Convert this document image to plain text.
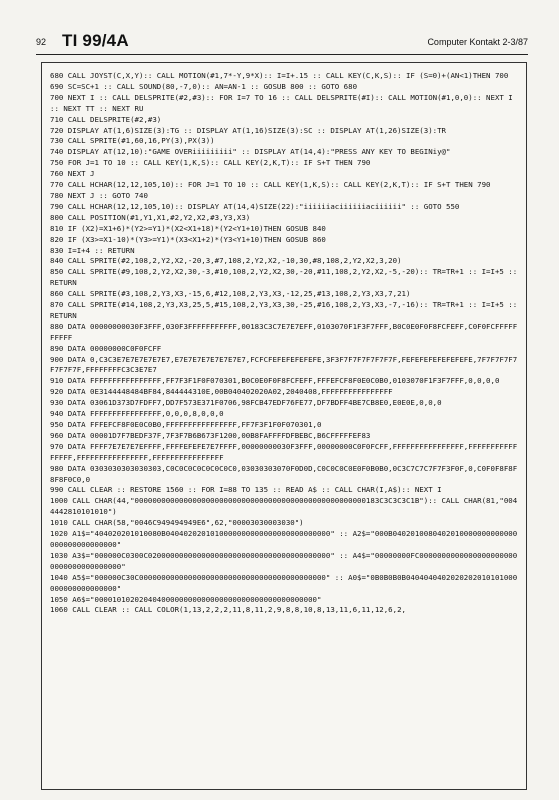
92 TI 99/4A	Computer Kontakt 2-3/87
680 CALL JOYST(C,X,Y):: CALL MOTION(#1,7*-Y,9*X):: I=I+.15 :: CALL KEY(C,K,S):: IF (S=0)+(AN<1)THEN 700
690 SC=SC+1 :: CALL SOUND(80,-7,0):: AN=AN-1 :: GOSUB 800 :: GOTO 680
700 NEXT I :: CALL DELSPRITE(#2,#3):: FOR I=7 TO 16 :: CALL DELSPRITE(#I):: CALL MOTION(#1,0,0):: NEXT I :: NEXT TT :: NEXT RU
710 CALL DELSPRITE(#2,#3)
720 DISPLAY AT(1,6)SIZE(3):TG :: DISPLAY AT(1,16)SIZE(3):SC :: DISPLAY AT(1,26)SIZE(3):TR
730 CALL SPRITE(#1,60,16,PY(3),PX(3))
740 DISPLAY AT(12,10):"GAME OVERiiiiiiiii" :: DISPLAY AT(14,4):"PRESS ANY KEY TO BEGINiy@"
750 FOR J=1 TO 10 :: CALL KEY(1,K,S):: CALL KEY(2,K,T):: IF S+T THEN 790
760 NEXT J
770 CALL HCHAR(12,12,105,10):: FOR J=1 TO 10 :: CALL KEY(1,K,S):: CALL KEY(2,K,T):: IF S+T THEN 790
780 NEXT J :: GOTO 740
790 CALL HCHAR(12,12,105,10):: DISPLAY AT(14,4)SIZE(22):"iiiiiiaciiiiiiaciiiiii" :: GOTO 550
800 CALL POSITION(#1,Y1,X1,#2,Y2,X2,#3,Y3,X3)
810 IF (X2)=X1+6)*(Y2>=Y1)*(X2<X1+18)*(Y2<Y1+10)THEN GOSUB 840
820 IF (X3>=X1-10)*(Y3>=Y1)*(X3<X1+2)*(Y3<Y1+10)THEN GOSUB 860
830 I=I+4 :: RETURN
840 CALL SPRITE(#2,108,2,Y2,X2,-20,3,#7,108,2,Y2,X2,-10,30,#8,108,2,Y2,X2,3,20)
850 CALL SPRITE(#9,108,2,Y2,X2,30,-3,#10,108,2,Y2,X2,30,-20,#11,108,2,Y2,X2,-5,-20):: TR=TR+1 :: I=I+5 :: RETURN
860 CALL SPRITE(#3,108,2,Y3,X3,-15,6,#12,108,2,Y3,X3,-12,25,#13,108,2,Y3,X3,7,21)
870 CALL SPRITE(#14,108,2,Y3,X3,25,5,#15,108,2,Y3,X3,30,-25,#16,108,2,Y3,X3,-7,-16):: TR=TR+1 :: I=I+5 :: RETURN
880 DATA 00000000030F3FFF,030F3FFFFFFFFFFF,00183C3C7E7E7EFF,0103070F1F3F7FFF,B0C0E0F0F8FCFEFF,C0F0FCFFFFFFFFFF
890 DATA 00000000C0F0FCFF
900 DATA 0,C3C3E7E7E7E7E7E7,E7E7E7E7E7E7E7E7,FCFCFEFEFEFEFEFE,3F3F7F7F7F7F7F7F,FEFEFEFEFEFEFEFE,7F7F7F7F7F7F7F7F,FFFFFFFFC3C3E7E7
910 DATA FFFFFFFFFFFFFFFF,FF7F3F1F0F070301,B0C0E0F0F8FCFEFF,FFFEFCF8F0E0C0B0,0103070F1F3F7FFF,0,0,0,0
920 DATA 0E3144448484BF84,844444310E,00B040402020A02,2040408,FFFFFFFFFFFFFFFF
930 DATA 03061D373D7FDFF7,DD7F573E371F0706,98FCB47EDF76FE77,DF7BDFF4BE7CB8E0,E0E0E,0,0,0
940 DATA FFFFFFFFFFFFFFFF,0,0,0,8,0,0,0
950 DATA FFFEFCF8F0E0C0B0,FFFFFFFFFFFFFFFF,FF7F3F1F0F070301,0
960 DATA 00001D7F7BEDF37F,7F3F7B6B673F1200,00B8FAFFFFDFBEBC,B6CFFFFFEF83
970 DATA FFFF7E7E7E7EFFFF,FFFFEFEFE7E7FFFF,00000000030F3FFF,00000000C0F0FCFF,FFFFFFFFFFFFFFFF,FFFFFFFFFFFFFFFF,FFFFFFFFFFFFFFFF,FFFFFFFFFFFFFFFF
980 DATA 0303030303030303,C0C0C0C0C0C0C0C0,03030303070F0D0D,C0C0C0C0E0F0B0B0,0C3C7C7C7F7F3F0F,0,C0F0F8F8F8F8F0C0,0
990 CALL CLEAR :: RESTORE 1560 :: FOR I=88 TO 135 :: READ A$ :: CALL CHAR(I,A$):: NEXT I
1000 CALL CHAR(44,"0000000000000000000000000000000000000000000000000000183C3C3C3C1B"):: CALL CHAR(81,"0044442810101010")
1010 CALL CHAR(58,"0046C949494949E6",62,"00003030003030")
1020 A1$="404020201010080B0404020201010000000000000000000000000" :: A2$="000B0402010080402010000000000000000000000000000"
1030 A3$="000000C0300C02000000000000000000000000000000000000000" :: A4$="00000000FC00000000000000000000000000000000000000"
1040 A5$="000000C30C000000000000000000000000000000000000000000" :: A0$="0B0B0B0B0404040402020202010101000000000000000000"
1050 A6$="00001010202040400000000000000000000000000000000000"
1060 CALL CLEAR :: CALL COLOR(1,13,2,2,2,11,8,11,2,9,8,8,10,8,13,11,6,11,12,6,2,
